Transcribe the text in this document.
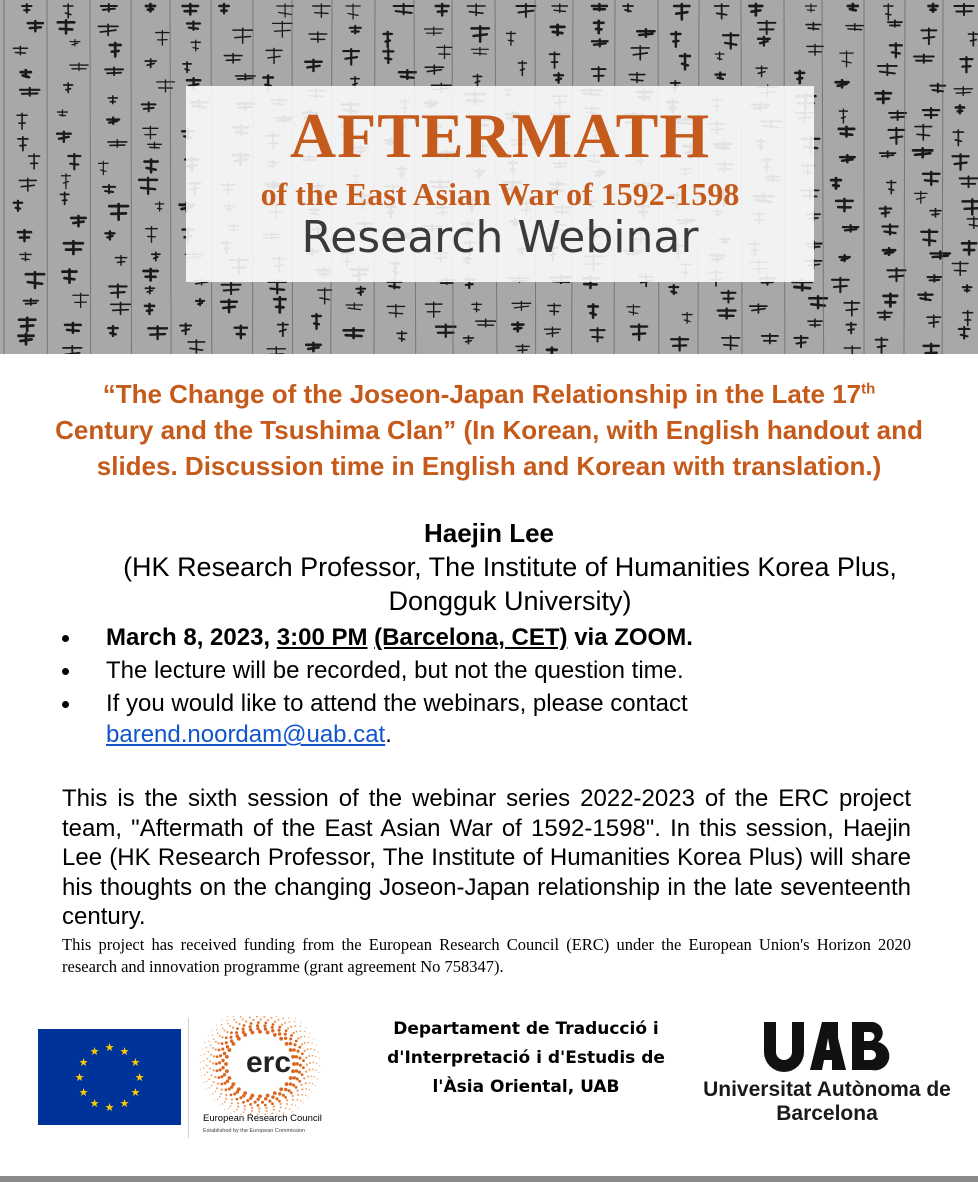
AFTERMATH
of the East Asian War of 1592-1598
Research Webinar
“The Change of the Joseon-Japan Relationship in the Late 17th Century and the Tsushima Clan” (In Korean, with English handout and slides. Discussion time in English and Korean with translation.)
Haejin Lee
(HK Research Professor, The Institute of Humanities Korea Plus, Dongguk University)
March 8, 2023, 3:00 PM (Barcelona, CET) via ZOOM.
The lecture will be recorded, but not the question time.
If you would like to attend the webinars, please contact
barend.noordam@uab.cat.
This is the sixth session of the webinar series 2022-2023 of the ERC project team, "Aftermath of the East Asian War of 1592-1598". In this session, Haejin Lee (HK Research Professor, The Institute of Humanities Korea Plus) will share his thoughts on the changing Joseon-Japan relationship in the late seventeenth century.
This project has received funding from the European Research Council (ERC) under the European Union's Horizon 2020 research and innovation programme (grant agreement No 758347).
★ ★
★
★
★
★
★
★
★
★
★
★	erc
European Research Council
Established by the European Commission
Departament de Traducció i d'Interpretació i d'Estudis de l'Àsia Oriental, UAB	Universitat Autònoma de Barcelona
